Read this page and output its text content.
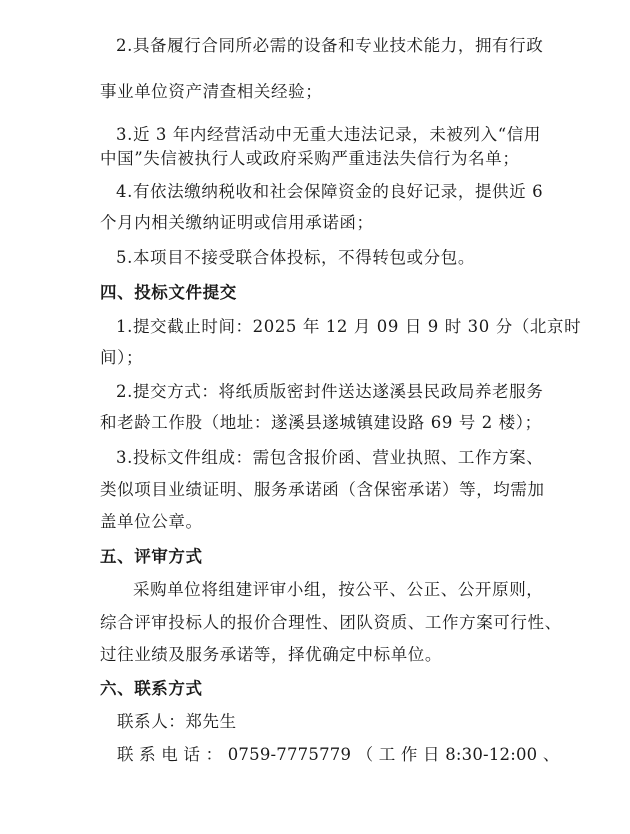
2.具备履行合同所必需的设备和专业技术能力，拥有行政
事业单位资产清查相关经验；
3.近 3 年内经营活动中无重大违法记录，未被列入“信用
中国”失信被执行人或政府采购严重违法失信行为名单；
4.有依法缴纳税收和社会保障资金的良好记录，提供近 6
个月内相关缴纳证明或信用承诺函；
5.本项目不接受联合体投标，不得转包或分包。
四、投标文件提交
1.提交截止时间：2025 年 12 月 09 日 9 时 30 分（北京时
间）；
2.提交方式：将纸质版密封件送达遂溪县民政局养老服务
和老龄工作股（地址：遂溪县遂城镇建设路 69 号 2 楼）；
3.投标文件组成：需包含报价函、营业执照、工作方案、
类似项目业绩证明、服务承诺函（含保密承诺）等，均需加
盖单位公章。
五、评审方式
采购单位将组建评审小组，按公平、公正、公开原则，
综合评审投标人的报价合理性、团队资质、工作方案可行性、
过往业绩及服务承诺等，择优确定中标单位。
六、联系方式
联系人：郑先生
联 系 电 话 ： 0759-7775779 （ 工 作 日 8:30-12:00 、
